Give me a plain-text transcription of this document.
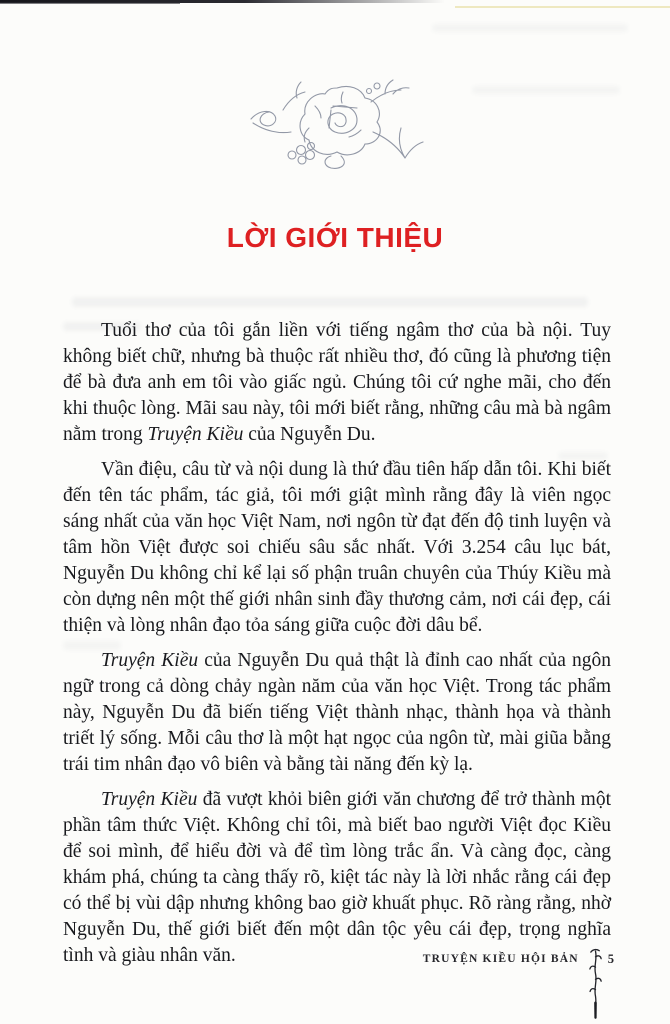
LỜI GIỚI THIỆU

Tuổi thơ của tôi gắn liền với tiếng ngâm thơ của bà nội. Tuy không biết chữ, nhưng bà thuộc rất nhiều thơ, đó cũng là phương tiện để bà đưa anh em tôi vào giấc ngủ. Chúng tôi cứ nghe mãi, cho đến khi thuộc lòng. Mãi sau này, tôi mới biết rằng, những câu mà bà ngâm nằm trong Truyện Kiều của Nguyễn Du.

Vần điệu, câu từ và nội dung là thứ đầu tiên hấp dẫn tôi. Khi biết đến tên tác phẩm, tác giả, tôi mới giật mình rằng đây là viên ngọc sáng nhất của văn học Việt Nam, nơi ngôn từ đạt đến độ tinh luyện và tâm hồn Việt được soi chiếu sâu sắc nhất. Với 3.254 câu lục bát, Nguyễn Du không chỉ kể lại số phận truân chuyên của Thúy Kiều mà còn dựng nên một thế giới nhân sinh đầy thương cảm, nơi cái đẹp, cái thiện và lòng nhân đạo tỏa sáng giữa cuộc đời dâu bể.

Truyện Kiều của Nguyễn Du quả thật là đỉnh cao nhất của ngôn ngữ trong cả dòng chảy ngàn năm của văn học Việt. Trong tác phẩm này, Nguyễn Du đã biến tiếng Việt thành nhạc, thành họa và thành triết lý sống. Mỗi câu thơ là một hạt ngọc của ngôn từ, mài giũa bằng trái tim nhân đạo vô biên và bằng tài năng đến kỳ lạ.

Truyện Kiều đã vượt khỏi biên giới văn chương để trở thành một phần tâm thức Việt. Không chỉ tôi, mà biết bao người Việt đọc Kiều để soi mình, để hiểu đời và để tìm lòng trắc ẩn. Và càng đọc, càng khám phá, chúng ta càng thấy rõ, kiệt tác này là lời nhắc rằng cái đẹp có thể bị vùi dập nhưng không bao giờ khuất phục. Rõ ràng rằng, nhờ Nguyễn Du, thế giới biết đến một dân tộc yêu cái đẹp, trọng nghĩa tình và giàu nhân văn.	TRUYỆN KIỀU HỘI BẢN 5
